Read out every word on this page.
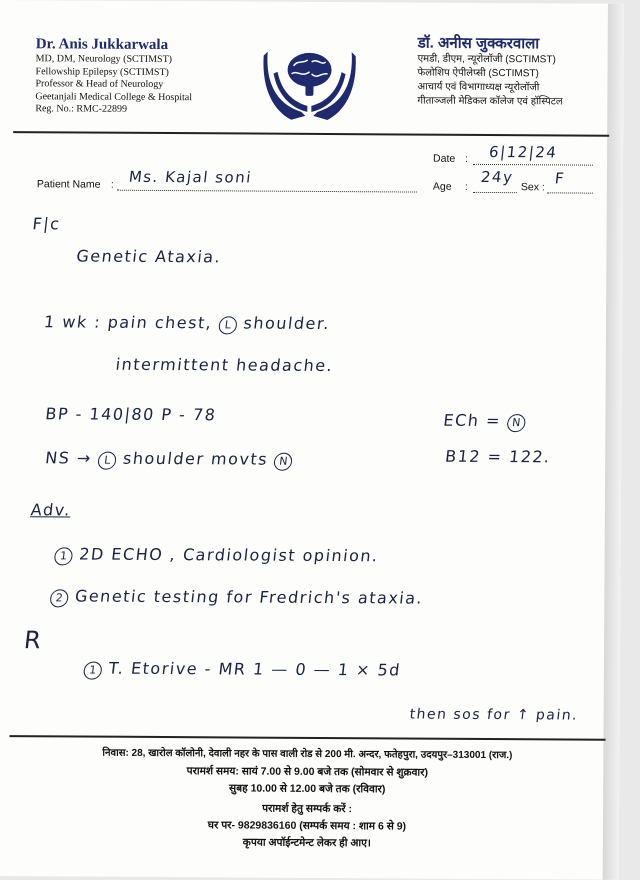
Dr. Anis Jukkarwala
MD, DM, Neurology (SCTIMST)
Fellowship Epilepsy (SCTIMST)
Professor & Head of Neurology
Geetanjali Medical College & Hospital
Reg. No.: RMC-22899
डॉ. अनीस जुक्करवाला
एमडी, डीएम, न्यूरोलॉजी (SCTIMST)
फेलोशिप ऐपीलेप्सी (SCTIMST)
आचार्य एवं विभागाध्यक्ष न्यूरोलॉजी
गीताञ्जली मेडिकल कॉलेज एवं हॉस्पिटल
Date : 6|12|24
Patient Name : Ms. Kajal soni
Age :
24y
Sex : F
F|c
Genetic Ataxia.
1 wk : pain chest, L shoulder.
intermittent headache.
BP - 140|80 P - 78	ECh = N
NS → L shoulder movts N	B12 = 122.
Adv.
1 2D ECHO , Cardiologist opinion.
2 Genetic testing for Fredrich's ataxia.
R
1 T. Etorive - MR 1 — 0 — 1 × 5d
then sos for ↑ pain.
निवास: 28, खारोल कॉलोनी, देवाली नहर के पास वाली रोड से 200 मी. अन्दर, फतेहपुरा, उदयपुर–313001 (राज.)
परामर्श समय: सायं 7.00 से 9.00 बजे तक (सोमवार से शुक्रवार)
सुबह 10.00 से 12.00 बजे तक (रविवार)
परामर्श हेतु सम्पर्क करें :
घर पर- 9829836160 (सम्पर्क समय : शाम 6 से 9)
कृपया अपॉईन्टमेन्ट लेकर ही आए।
